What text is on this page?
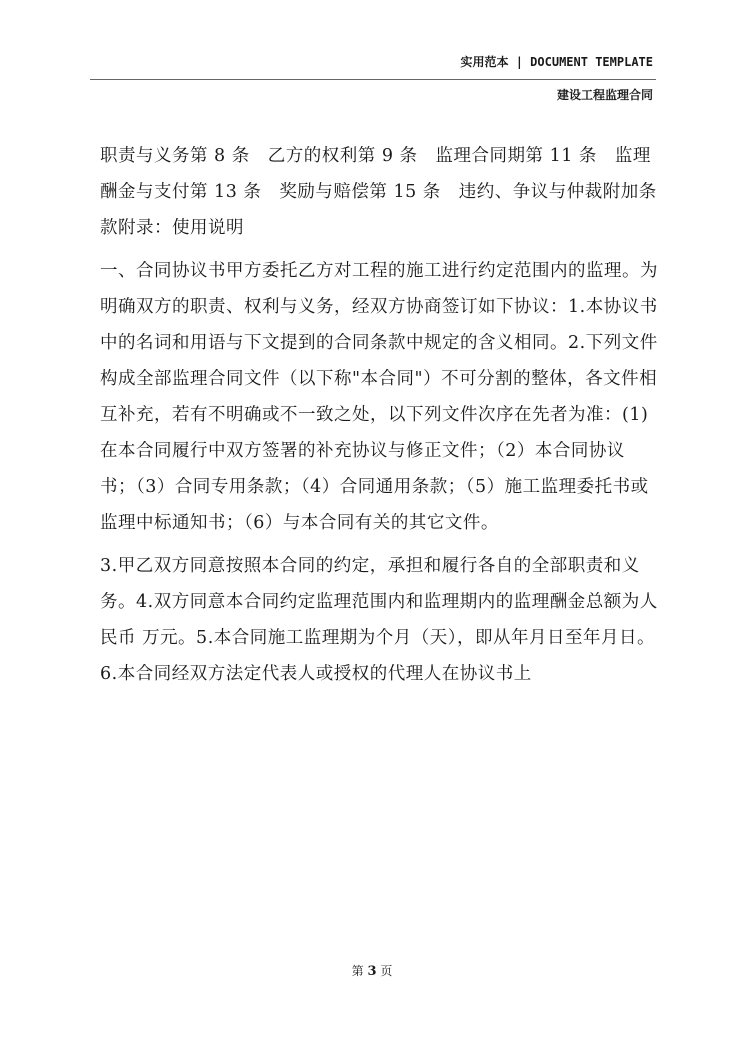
实用范本 | DOCUMENT TEMPLATE
建设工程监理合同

职责与义务第 8 条　乙方的权利第 9 条　监理合同期第 11 条　监理酬金与支付第 13 条　奖励与赔偿第 15 条　违约、争议与仲裁附加条款附录：使用说明

一、合同协议书甲方委托乙方对工程的施工进行约定范围内的监理。为明确双方的职责、权利与义务，经双方协商签订如下协议：1.本协议书中的名词和用语与下文提到的合同条款中规定的含义相同。2.下列文件构成全部监理合同文件（以下称"本合同"）不可分割的整体，各文件相互补充，若有不明确或不一致之处，以下列文件次序在先者为准：(1)在本合同履行中双方签署的补充协议与修正文件；（2）本合同协议书；（3）合同专用条款；（4）合同通用条款；（5）施工监理委托书或监理中标通知书；（6）与本合同有关的其它文件。

3.甲乙双方同意按照本合同的约定，承担和履行各自的全部职责和义务。4.双方同意本合同约定监理范围内和监理期内的监理酬金总额为人民币 万元。5.本合同施工监理期为个月（天），即从年月日至年月日。6.本合同经双方法定代表人或授权的代理人在协议书上

第 3 页
